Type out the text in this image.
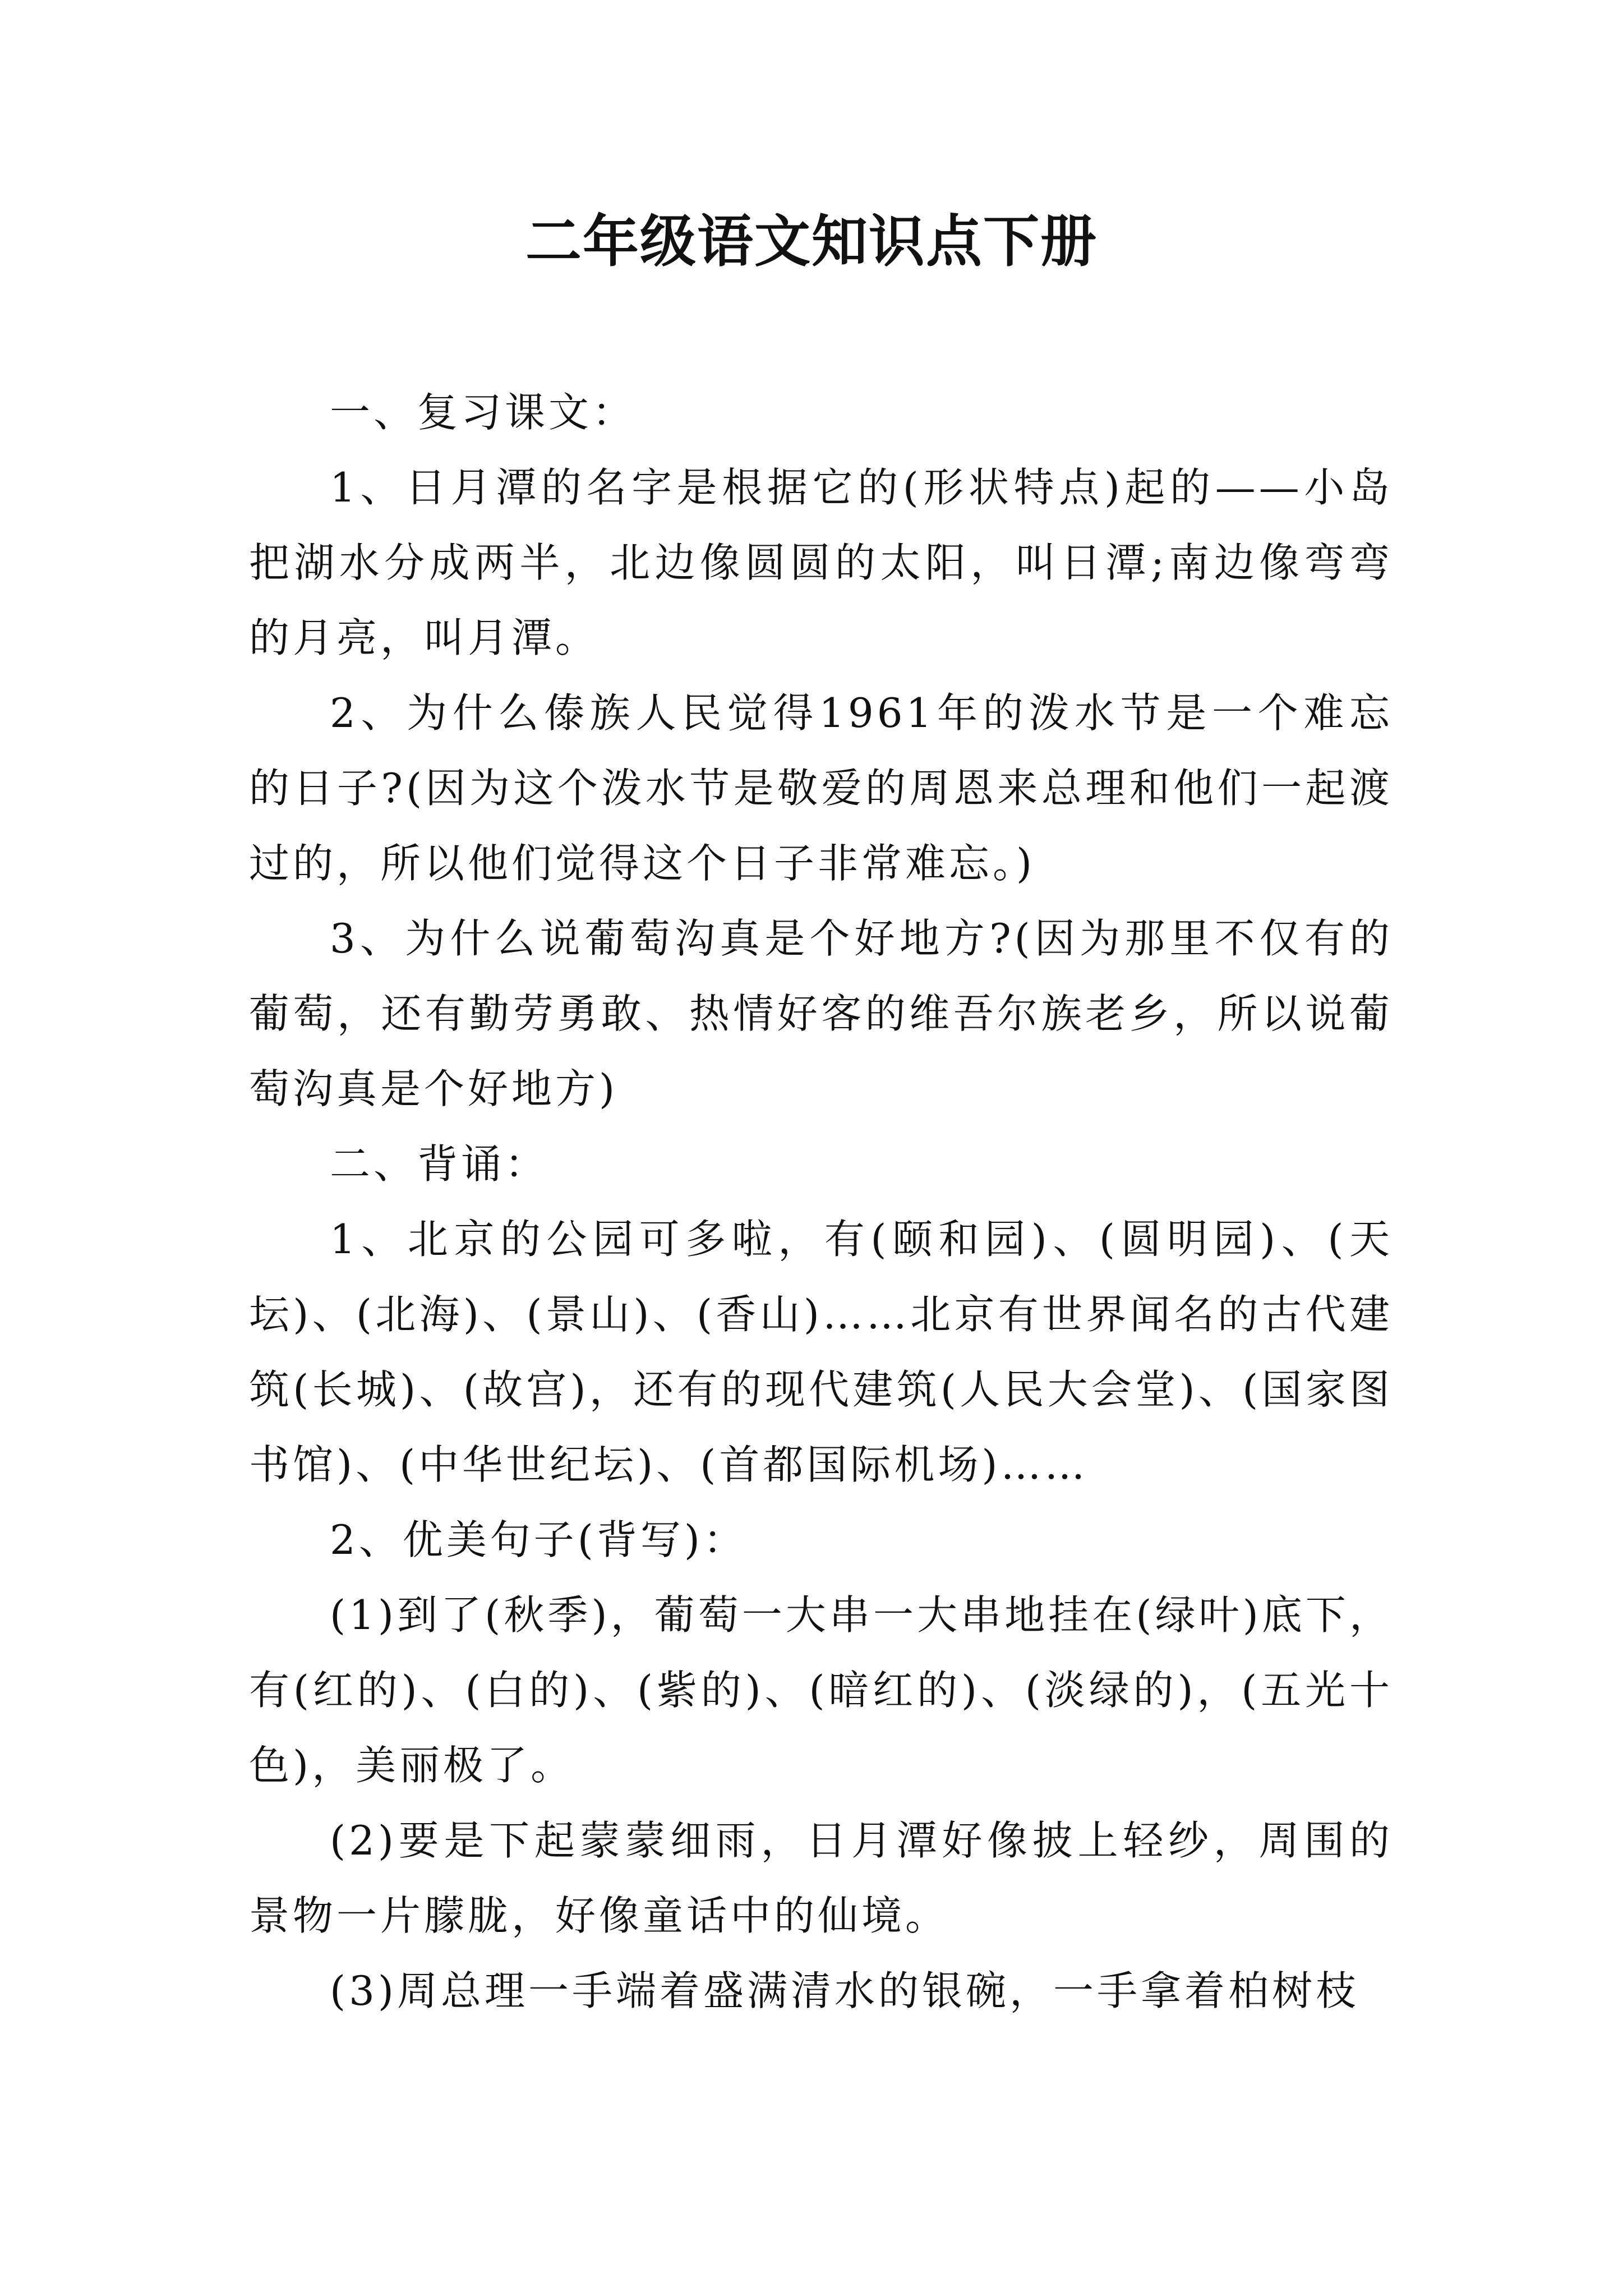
二年级语文知识点下册

一、复习课文：

1、日月潭的名字是根据它的(形状特点)起的——小岛把湖水分成两半，北边像圆圆的太阳，叫日潭;南边像弯弯的月亮，叫月潭。

2、为什么傣族人民觉得1961年的泼水节是一个难忘的日子?(因为这个泼水节是敬爱的周恩来总理和他们一起渡过的，所以他们觉得这个日子非常难忘。)

3、为什么说葡萄沟真是个好地方?(因为那里不仅有的葡萄，还有勤劳勇敢、热情好客的维吾尔族老乡，所以说葡萄沟真是个好地方)

二、背诵：

1、北京的公园可多啦，有(颐和园)、(圆明园)、(天坛)、(北海)、(景山)、(香山)……北京有世界闻名的古代建筑(长城)、(故宫)，还有的现代建筑(人民大会堂)、(国家图书馆)、(中华世纪坛)、(首都国际机场)……

2、优美句子(背写)：

(1)到了(秋季)，葡萄一大串一大串地挂在(绿叶)底下，有(红的)、(白的)、(紫的)、(暗红的)、(淡绿的)，(五光十色)，美丽极了。

(2)要是下起蒙蒙细雨，日月潭好像披上轻纱，周围的景物一片朦胧，好像童话中的仙境。

(3)周总理一手端着盛满清水的银碗，一手拿着柏树枝
